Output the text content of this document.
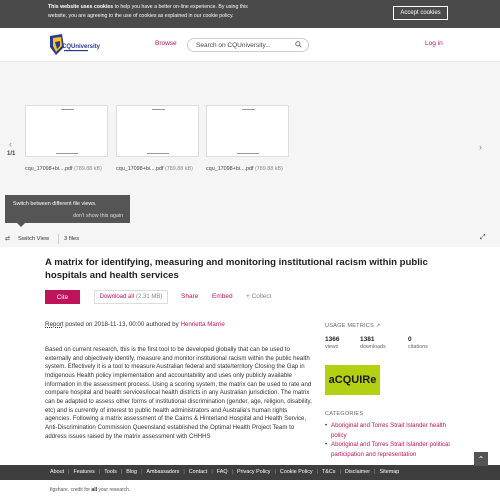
This website uses cookies to help you have a better on-line experience. By using this
website, you are agreeing to the use of cookies as explained in our cookie policy.
Accept cookies
CQUniversity	Browse	Search on CQUniversity...	Log in
‹
1/1
›
cqu_17098+bi....pdf (789.88 kB)	cqu_17098+bi....pdf (789.88 kB) cqu_17098+bi....pdf (789.88 kB)
Switch between different file views.
don't show this again
⇄ Switch View	3 files	⤢
A matrix for identifying, measuring and monitoring institutional racism within public hospitals and health services
Cite	Download all (2.31 MB)	Share Embed + Collect
Report posted on 2018-11-13, 00:00 authored by Henrietta Marrie

Based on current research, this is the first tool to be developed globally that can be used to externally and objectively identify, measure and monitor institutional racism within the public health system. Effectively it is a tool to measure Australian federal and state/territory Closing the Gap in Indigenous Health policy implementation and accountability and uses only publicly available information in the assessment process. Using a scoring system, the matrix can be used to rate and compare hospital and health services/local health districts in any Australian jurisdiction. The matrix can be adapted to assess other forms of institutional discrimination (gender, age, religion, disability, etc) and is currently of interest to public health administrators and Australia's human rights agencies. Following a matrix assessment of the Cairns & Hinterland Hospital and Health Service, Anti-Discrimination Commission Queensland established the Optimal Health Project Team to address issues raised by the matrix assessment with CHHHS

USAGE METRICS ↗
1366
views
1381
downloads
0
citations
aCQUIRe
CATEGORIES
• Aboriginal and Torres Strait Islander health policy
• Aboriginal and Torres Strait Islander political participation and representation
About | Features | Tools | Blog | Ambassadors | Contact | FAQ | Privacy Policy | Cookie Policy | T&Cs | Disclaimer | Sitemap
⌃
figshare. credit for all your research.
